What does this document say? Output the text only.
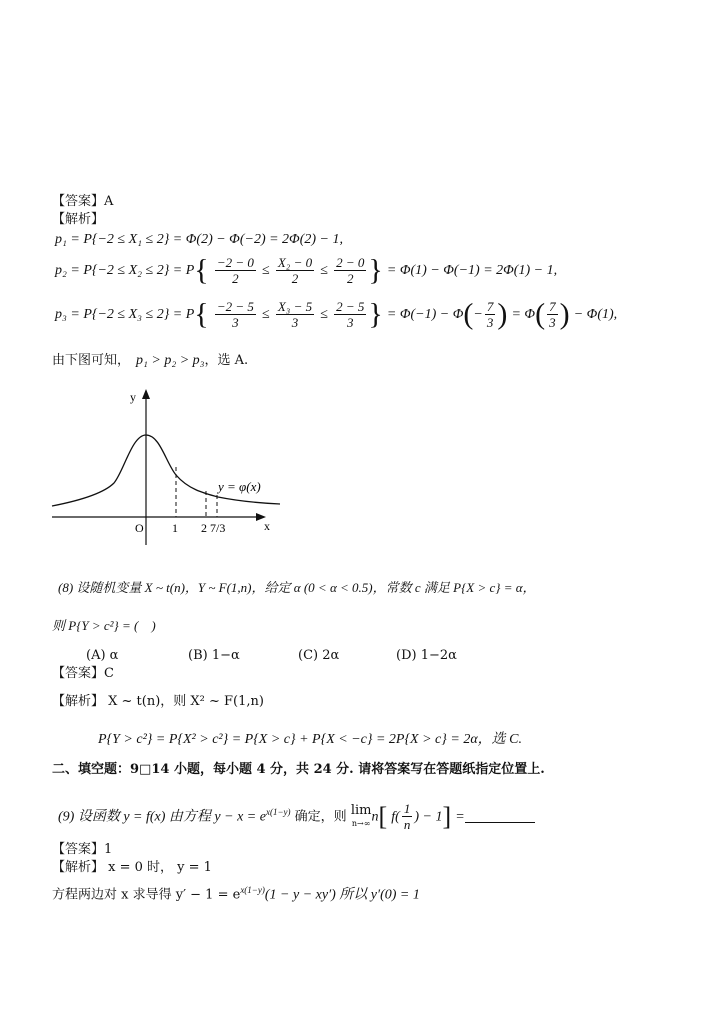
【答案】A
【解析】
p₁ = P{−2 ≤ X₁ ≤ 2} = Φ(2) − Φ(−2) = 2Φ(2) − 1,
$p_2 = P\{-2 \le X_2 \le 2\} = P\{ \frac{-2 - 0}{2} \le \frac{\text{X₂ − 0}}{2} \le \frac{2 - 0}{2}$ } = Φ(1) − Φ(−1) = 2Φ(1) − 1,
$p_3 = P\{-2 \le X_3 \le 2\} = P\{ \frac{-2 - 5}{3} \le \frac{\text{X₃ − 5}}{3} \le \frac{2 - 5}{3}$ } = $\Phi(-1) - \Phi(- \frac{7}{3}$ ) = $\Phi( \frac{7}{3}$ ) − Φ(1),
由下图可知， p₁ > p₂ > p₃，选 A.
y
x
O 1 2 7/3
y = φ(x)
(8) 设随机变量 X ~ t(n)，Y ~ F(1,n)，给定 α (0 < α < 0.5)，常数 c 满足 P{X > c} = α，
则 P{Y > c²} = (　)
(A) α	(B) 1−α	(C) 2α	(D) 1−2α
【答案】C
【解析】 X ~ t(n)，则 X² ~ F(1,n)
P{Y > c²} = P{X² > c²} = P{X > c} + P{X < −c} = 2P{X > c} = 2α，选 C.
二、填空题：9□14 小题，每小题 4 分，共 24 分. 请将答案写在答题纸指定位置上.
(9) 设函数 y = f(x) 由方程 $y - x = e^{x(1-y)}$ 确定，则 lim
n→∞ n[ $f( \frac{1}{n}$ ) − 1] =
【答案】1
【解析】 x = 0 时， y = 1
方程两边对 x 求导得 $y' - 1 = e^{x(1-y)}(1 - y - xy')$ 所以 y′(0) = 1
